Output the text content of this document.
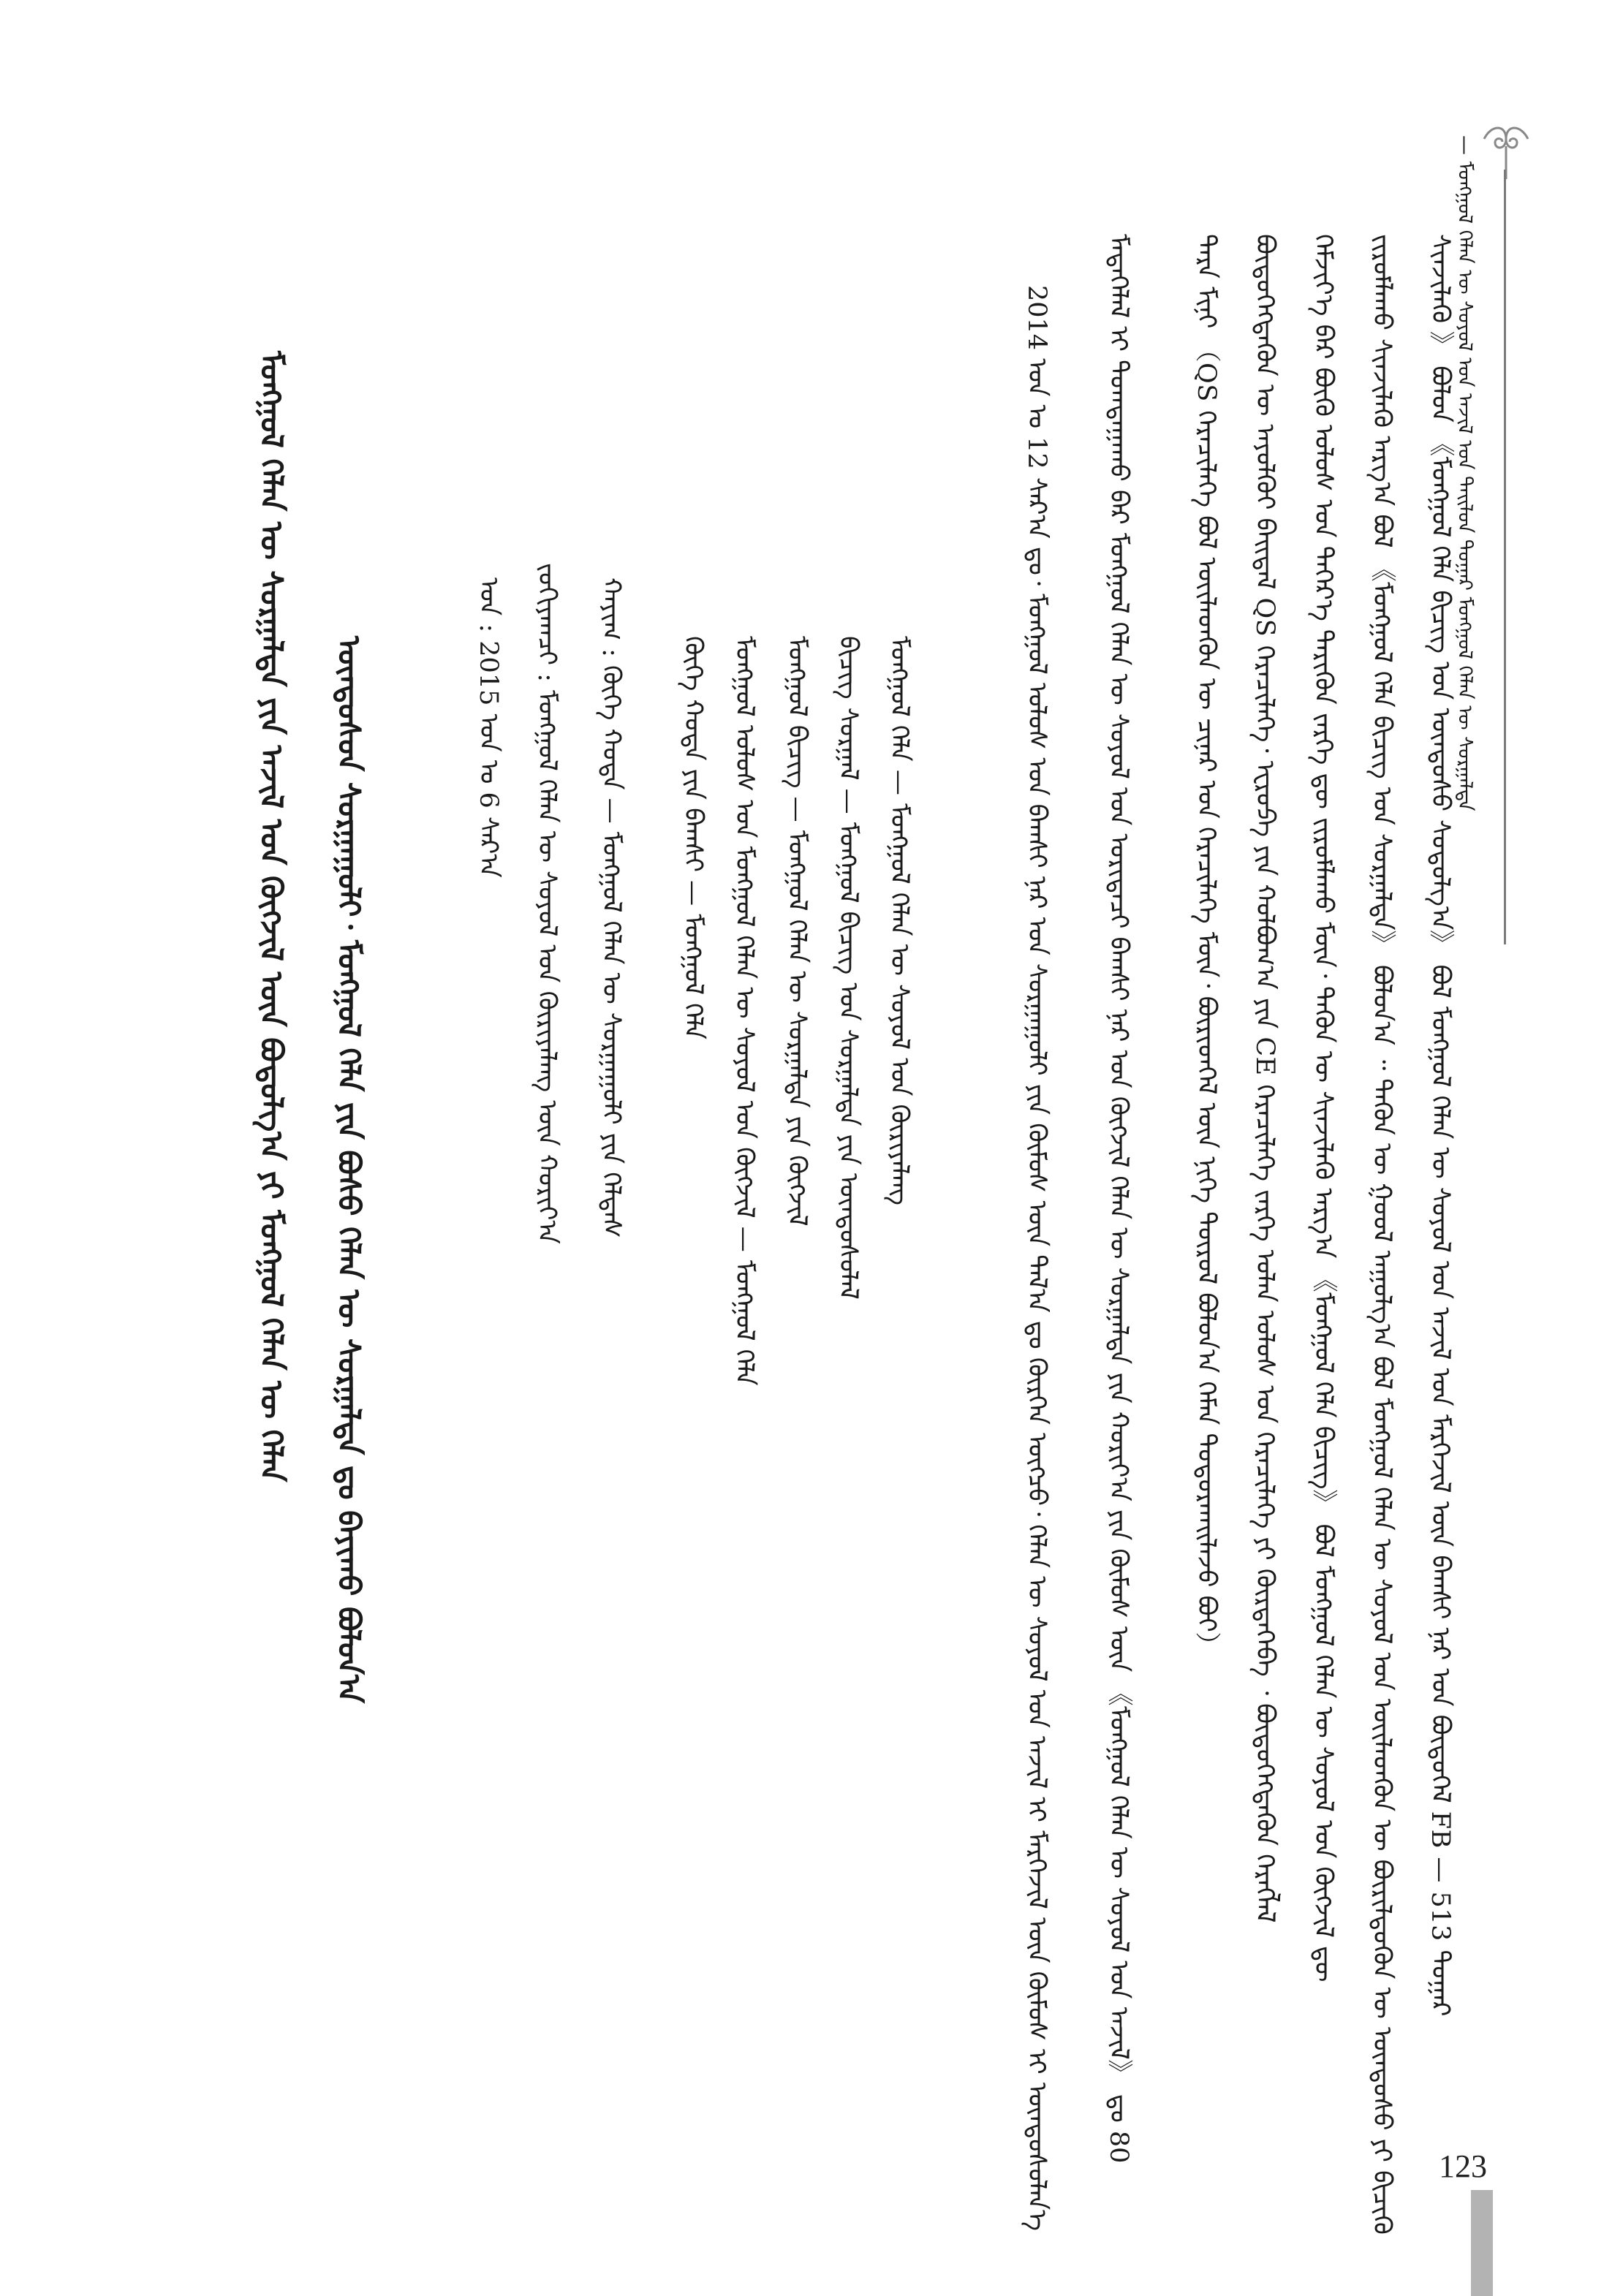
— ᠮᠣᠩᠭᠣᠯ ᠬᠡᠯᠡᠨ ᠦ ᠰᠣᠶᠣᠯ ᠤᠨ ᠠᠵᠢᠯ ᠤᠨ ᠲᠠᠢᠯᠤᠨ ᠳᠤᠭᠠᠷ ᠮᠣᠩᠭᠣᠯ ᠬᠡᠯᠡᠨ ᠦ ᠰᠤᠷᠭᠠᠯᠲᠠ
ᠲᠡᠷᠡ ᠮᠢᠨᠢ （QS ᠭᠡᠷᠡᠴᠢᠯᠡᠭᠡ ᠪᠣᠯ ᠦᠢᠯᠡᠳᠬᠦᠨ ᠦ ᠴᠢᠨᠠᠷ ᠤᠨ ᠭᠡᠷᠡᠴᠢᠯᠡᠭᠡ ᠮᠥᠨ᠂ ᠪᠦᠷᠢᠳᠬᠡᠯ ᠦᠨ ᠨᠢᠭᠡ ᠲᠥᠷᠥᠯ ᠪᠣᠯᠤᠨ᠎ᠠ ᠬᠡᠮᠡᠨ ᠲᠣᠳᠣᠷᠬᠠᠢᠯᠠᠵᠤ ᠪᠣᠢ） ᠪᠦᠲᠦᠭᠡᠭᠳᠡᠬᠦᠨ ᠦ ᠠᠶᠤᠯᠭᠦᠢ ᠪᠠᠢᠳᠠᠯ QS ᠭᠡᠷᠡᠴᠢᠯᠡᠭᠡ᠂ ᠡᠸᠷᠤᠫᠠ ᠶᠢᠨ ᠬᠣᠯᠪᠣᠭ᠎ᠠ ᠶᠢᠨ CE ᠭᠡᠷᠡᠴᠢᠯᠡᠭᠡ ᠵᠡᠷᠭᠡ ᠣᠯᠠᠨ ᠤᠯᠤᠰ ᠤᠨ ᠭᠡᠷᠡᠴᠢᠯᠡᠭᠡ ᠶᠢ ᠬᠦᠷᠲᠡᠭᠡᠪᠡ ᠂ ᠪᠦᠲᠦᠭᠡᠭᠳᠡᠬᠦᠨ ᠬᠡᠷᠡᠭᠯᠡᠯ ᠬᠡᠮᠵᠢᠶ᠎ᠡ ᠪᠠᠷ ᠪᠦᠬᠦ ᠤᠯᠤᠰ ᠤᠨ ᠳᠡᠭᠡᠷ᠎ᠡ ᠲᠡᠷᠢᠭᠦᠨ ᠵᠡᠷᠭᠡ ᠳᠦ ᠵᠢᠷᠤᠮᠯᠠᠬᠤ ᠮᠥᠨ᠂ ᠲᠡᠭᠦᠨ ᠦ ᠰᠢᠨᠵᠢᠯᠡᠬᠦ ᠠᠷᠭ᠎ᠠ 《ᠮᠣᠩᠭᠣᠯ ᠬᠡᠯᠡ ᠪᠢᠴᠢᠭ》 ᠪᠣᠯ ᠮᠣᠩᠭᠣᠯ ᠬᠡᠯᠡᠨ ᠦ ᠰᠣᠶᠣᠯ ᠤᠨ ᠬᠥᠭᠵᠢᠯ ᠳᠦ ᠵᠢᠷᠤᠮᠯᠠᠬᠤ ᠰᠢᠨᠵᠢᠯᠡᠬᠦ ᠠᠷᠭ᠎ᠠ ᠪᠣᠯ 《ᠮᠣᠩᠭᠣᠯ ᠬᠡᠯᠡ ᠪᠢᠴᠢᠭ ᠤᠨ ᠰᠤᠷᠭᠠᠯᠲᠠ》 ᠪᠣᠯᠤᠨ᠎ᠠ ᠃ ᠲᠡᠭᠦᠨ ᠦ ᠭᠣᠣᠯ ᠠᠭᠤᠯᠭ᠎ᠠ ᠪᠣᠯ ᠮᠣᠩᠭᠣᠯ ᠬᠡᠯᠡᠨ ᠦ ᠰᠣᠶᠣᠯ ᠤᠨ ᠦᠢᠯᠡᠳᠬᠦᠨ ᠦ ᠪᠦᠷᠢᠯᠳᠦᠬᠦᠨ ᠦ ᠦᠨᠳᠦᠰᠦ ᠶᠢ ᠪᠢᠴᠢᠬᠦ ᠰᠢᠨᠵᠢᠯᠡᠬᠦ 》 ᠪᠣᠯᠤᠨ 《ᠮᠣᠩᠭᠣᠯ ᠬᠡᠯᠡ ᠪᠢᠴᠢᠭ ᠤᠨ ᠦᠨᠳᠦᠰᠦ ᠰᠤᠳᠤᠯᠭ᠎ᠠ》 ᠪᠣᠯ ᠮᠣᠩᠭᠣᠯ ᠬᠡᠯᠡᠨ ᠦ ᠰᠣᠶᠣᠯ ᠤᠨ ᠠᠵᠢᠯ ᠤᠨ ᠮᠡᠷᠭᠡᠵᠢᠯ ᠦᠨ ᠪᠠᠭᠰᠢ ᠨᠠᠷ ᠤᠨ ᠪᠦᠲᠦᠭᠡᠯ FB — 513 ᠳᠤᠭᠠᠷ
ᠮᠡᠳᠡᠭᠡᠯᠡᠯ ᠢ ᠲᠣᠭᠲᠠᠭᠠᠬᠤ ᠪᠠᠷ ᠮᠣᠩᠭᠣᠯ ᠬᠡᠯᠡᠨ ᠦ ᠰᠣᠶᠣᠯ ᠤᠨ ᠤᠷᠢᠳᠠᠴᠢ ᠪᠠᠭᠰᠢ ᠨᠠᠷ ᠤᠨ ᠬᠥᠭᠵᠢᠯ ᠬᠡᠯᠡᠨ ᠦ ᠰᠤᠷᠭᠠᠯᠲᠠ ᠶᠢᠨ ᠬᠣᠷᠢᠶ᠎ᠠ ᠶᠢᠨ ᠬᠦᠮᠦᠰ ᠦᠨ 《ᠮᠣᠩᠭᠣᠯ ᠬᠡᠯᠡᠨ ᠦ ᠰᠣᠶᠣᠯ ᠤᠨ ᠠᠵᠢᠯ》 ᠳᠤ 80
2014 ᠣᠨ ᠤ 12 ᠰᠠᠷ᠎ᠠ ᠳᠤ᠂ ᠮᠣᠩᠭᠣᠯ ᠤᠯᠤᠰ ᠤᠨ ᠪᠠᠭᠰᠢ ᠨᠠᠷ ᠤᠨ ᠰᠤᠷᠭᠠᠭᠤᠯᠢ ᠶᠢᠨ ᠬᠦᠮᠦᠰ ᠦᠨ ᠲᠠᠯ᠎ᠠ ᠳᠤ ᠬᠦᠷᠭᠡᠨ ᠥᠭᠴᠦ᠂ ᠬᠡᠯᠡᠨ ᠦ ᠰᠣᠶᠣᠯ ᠤᠨ ᠠᠵᠢᠯ ᠢ ᠮᠡᠷᠭᠡᠵᠢᠯ ᠦᠨ ᠬᠦᠮᠦᠰ ᠢ ᠦᠨᠳᠦᠰᠦᠯᠡᠨ᠎ᠡ
ᠮᠣᠩᠭᠣᠯ ᠬᠡᠯᠡ — ᠮᠣᠩᠭᠣᠯ ᠬᠡᠯᠡᠨ ᠦ ᠰᠣᠶᠣᠯ ᠤᠨ ᠬᠦᠷᠢᠶᠡᠯᠡᠩ
ᠪᠢᠴᠢᠭ ᠰᠤᠷᠭᠠᠯ — ᠮᠣᠩᠭᠣᠯ ᠪᠢᠴᠢᠭ ᠤᠨ ᠰᠤᠷᠭᠠᠯᠲᠠ ᠶᠢᠨ ᠦᠨᠳᠦᠰᠦᠯᠡᠯ
ᠮᠣᠩᠭᠣᠯ ᠪᠢᠴᠢᠭ — ᠮᠣᠩᠭᠣᠯ ᠬᠡᠯᠡᠨ ᠦ ᠰᠤᠷᠭᠠᠯᠲᠠ ᠶᠢᠨ ᠬᠥᠭᠵᠢᠯ
ᠮᠣᠩᠭᠣᠯ ᠤᠯᠤᠰ ᠤᠨ ᠮᠣᠩᠭᠣᠯ ᠬᠡᠯᠡᠨ ᠦ ᠰᠣᠶᠣᠯ ᠤᠨ ᠬᠥᠭᠵᠢᠯ — ᠮᠣᠩᠭᠣᠯ ᠬᠡᠯᠡ
ᠬᠥᠬᠡ ᠬᠣᠲᠠ ᠶᠢᠨ ᠪᠠᠭᠰᠢ — ᠮᠣᠩᠭᠣᠯ ᠬᠡᠯᠡ
ᠬᠠᠶᠢᠭ : ᠬᠥᠬᠡ ᠬᠣᠲᠠ — ᠮᠣᠩᠭᠣᠯ ᠬᠡᠯᠡᠨ ᠦ ᠰᠤᠷᠭᠠᠭᠤᠯᠢ ᠶᠢᠨ ᠬᠡᠯᠲᠡᠰ
ᠵᠣᠬᠢᠶᠠᠭᠴᠢ : ᠮᠣᠩᠭᠣᠯ ᠬᠡᠯᠡᠨ ᠦ ᠰᠣᠶᠣᠯ ᠤᠨ ᠬᠦᠷᠢᠶᠡᠯᠡᠩ ᠦᠨ ᠬᠣᠷᠢᠶ᠎ᠠ
ᠣᠨ : 2015 ᠣᠨ ᠤ 6 ᠰᠠᠷ᠎ᠠ
ᠦᠨᠳᠦᠰᠦᠨ ᠰᠤᠷᠭᠠᠭᠤᠯᠢ᠂ ᠮᠣᠩᠭᠣᠯ ᠬᠡᠯᠡ ᠶᠢᠨ ᠪᠤᠰᠤ ᠬᠡᠯᠡᠨ ᠦ ᠰᠤᠷᠭᠠᠯᠲᠠ ᠳᠤ ᠪᠠᠶᠢᠬᠤ ᠪᠣᠯᠤᠨ᠎ᠠ
ᠮᠣᠩᠭᠣᠯ ᠬᠡᠯᠡᠨ ᠦ ᠰᠤᠷᠭᠠᠯᠲᠠ ᠶᠢᠨ ᠠᠵᠢᠯ ᠤᠨ ᠬᠥᠭᠵᠢᠯ ᠦᠨ ᠪᠣᠳᠤᠯᠭ᠎ᠠ ᠶᠢ ᠮᠣᠩᠭᠣᠯ ᠬᠡᠯᠡᠨ ᠦ ᠬᠡᠯᠡᠨ
123
